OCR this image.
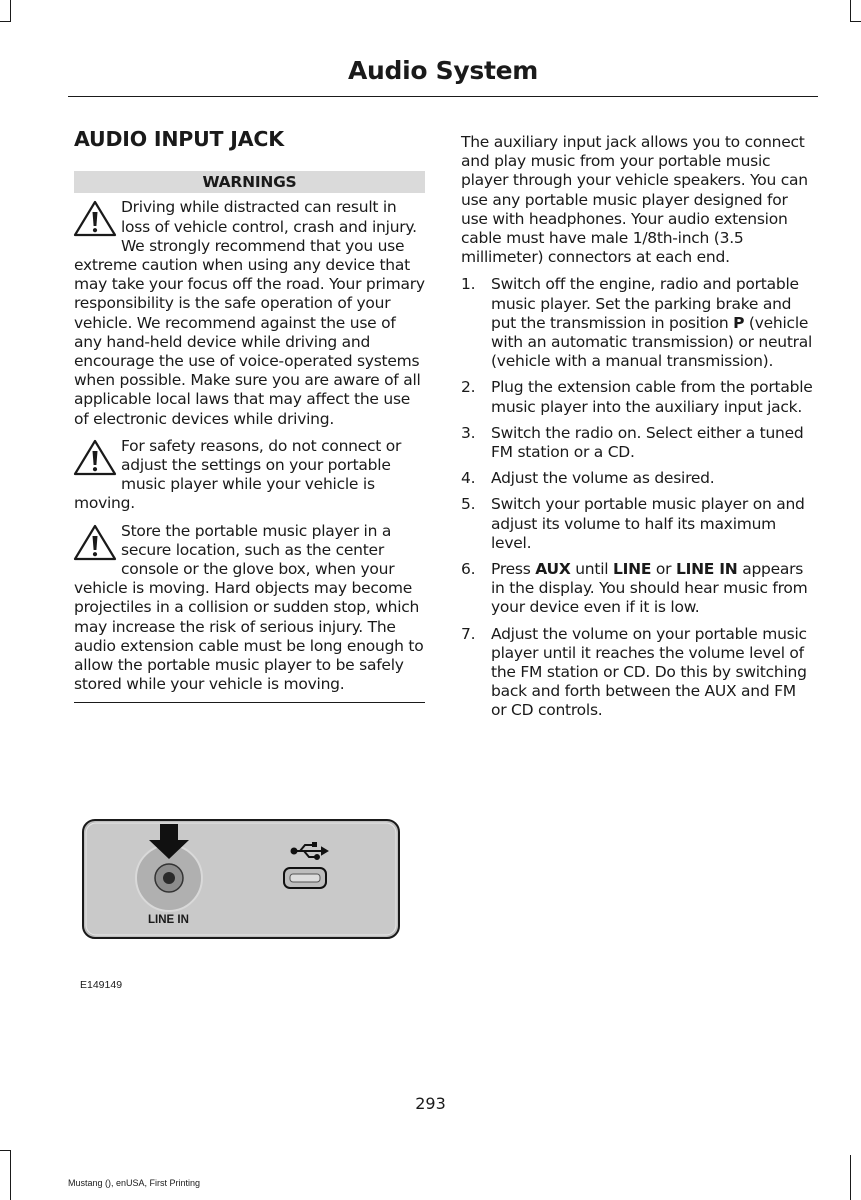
Audio System
AUDIO INPUT JACK
WARNINGS

Driving while distracted can result in loss of vehicle control, crash and injury. We strongly recommend that you use extreme caution when using any device that may take your focus off the road. Your primary responsibility is the safe operation of your vehicle. We recommend against the use of any hand-held device while driving and encourage the use of voice-operated systems when possible. Make sure you are aware of all applicable local laws that may affect the use of electronic devices while driving.

For safety reasons, do not connect or adjust the settings on your portable music player while your vehicle is moving.

Store the portable music player in a secure location, such as the center console or the glove box, when your vehicle is moving. Hard objects may become projectiles in a collision or sudden stop, which may increase the risk of serious injury. The audio extension cable must be long enough to allow the portable music player to be safely stored while your vehicle is moving.

The auxiliary input jack allows you to connect and play music from your portable music player through your vehicle speakers. You can use any portable music player designed for use with headphones. Your audio extension cable must have male 1/8th-inch (3.5 millimeter) connectors at each end.

1. Switch off the engine, radio and portable music player. Set the parking brake and put the transmission in position P (vehicle with an automatic transmission) or neutral (vehicle with a manual transmission).
2. Plug the extension cable from the portable music player into the auxiliary input jack.
3. Switch the radio on. Select either a tuned FM station or a CD.
4. Adjust the volume as desired.
5. Switch your portable music player on and adjust its volume to half its maximum level.
6. Press AUX until LINE or LINE IN appears in the display. You should hear music from your device even if it is low.
7. Adjust the volume on your portable music player until it reaches the volume level of the FM station or CD. Do this by switching back and forth between the AUX and FM or CD controls.
LINE IN
E149149
293
Mustang (), enUSA, First Printing
